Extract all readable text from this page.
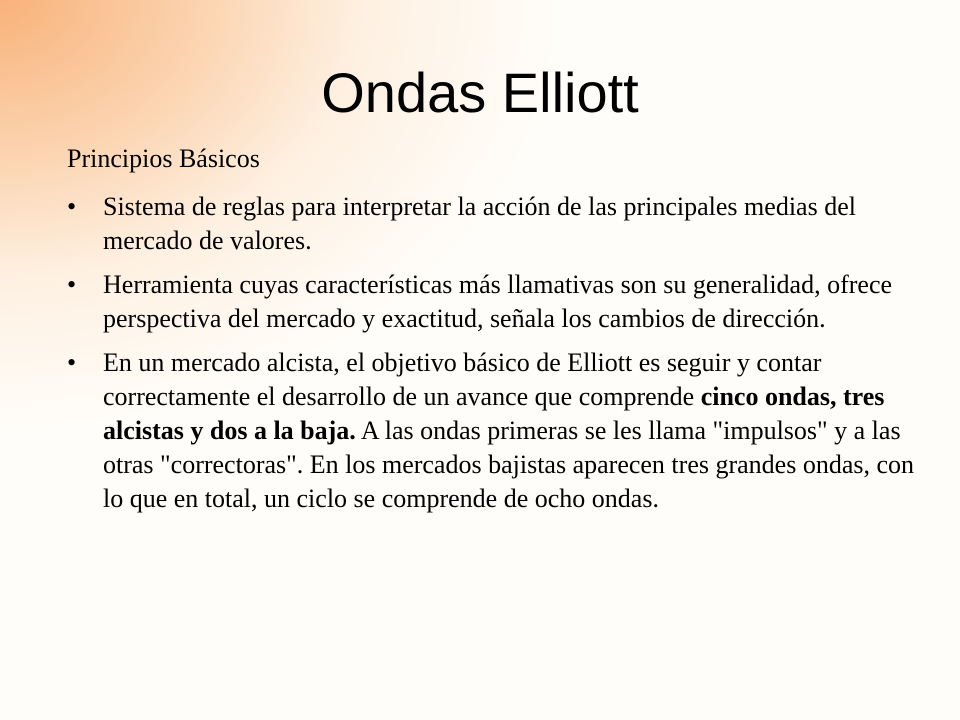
Ondas Elliott

Principios Básicos

•	Sistema de reglas para interpretar la acción de las principales medias del mercado de valores.
•	Herramienta cuyas características más llamativas son su generalidad, ofrece perspectiva del mercado y exactitud, señala los cambios de dirección.
•	En un mercado alcista, el objetivo básico de Elliott es seguir y contar correctamente el desarrollo de un avance que comprende cinco ondas, tres alcistas y dos a la baja. A las ondas primeras se les llama "impulsos" y a las otras "correctoras". En los mercados bajistas aparecen tres grandes ondas, con lo que en total, un ciclo se comprende de ocho ondas.
